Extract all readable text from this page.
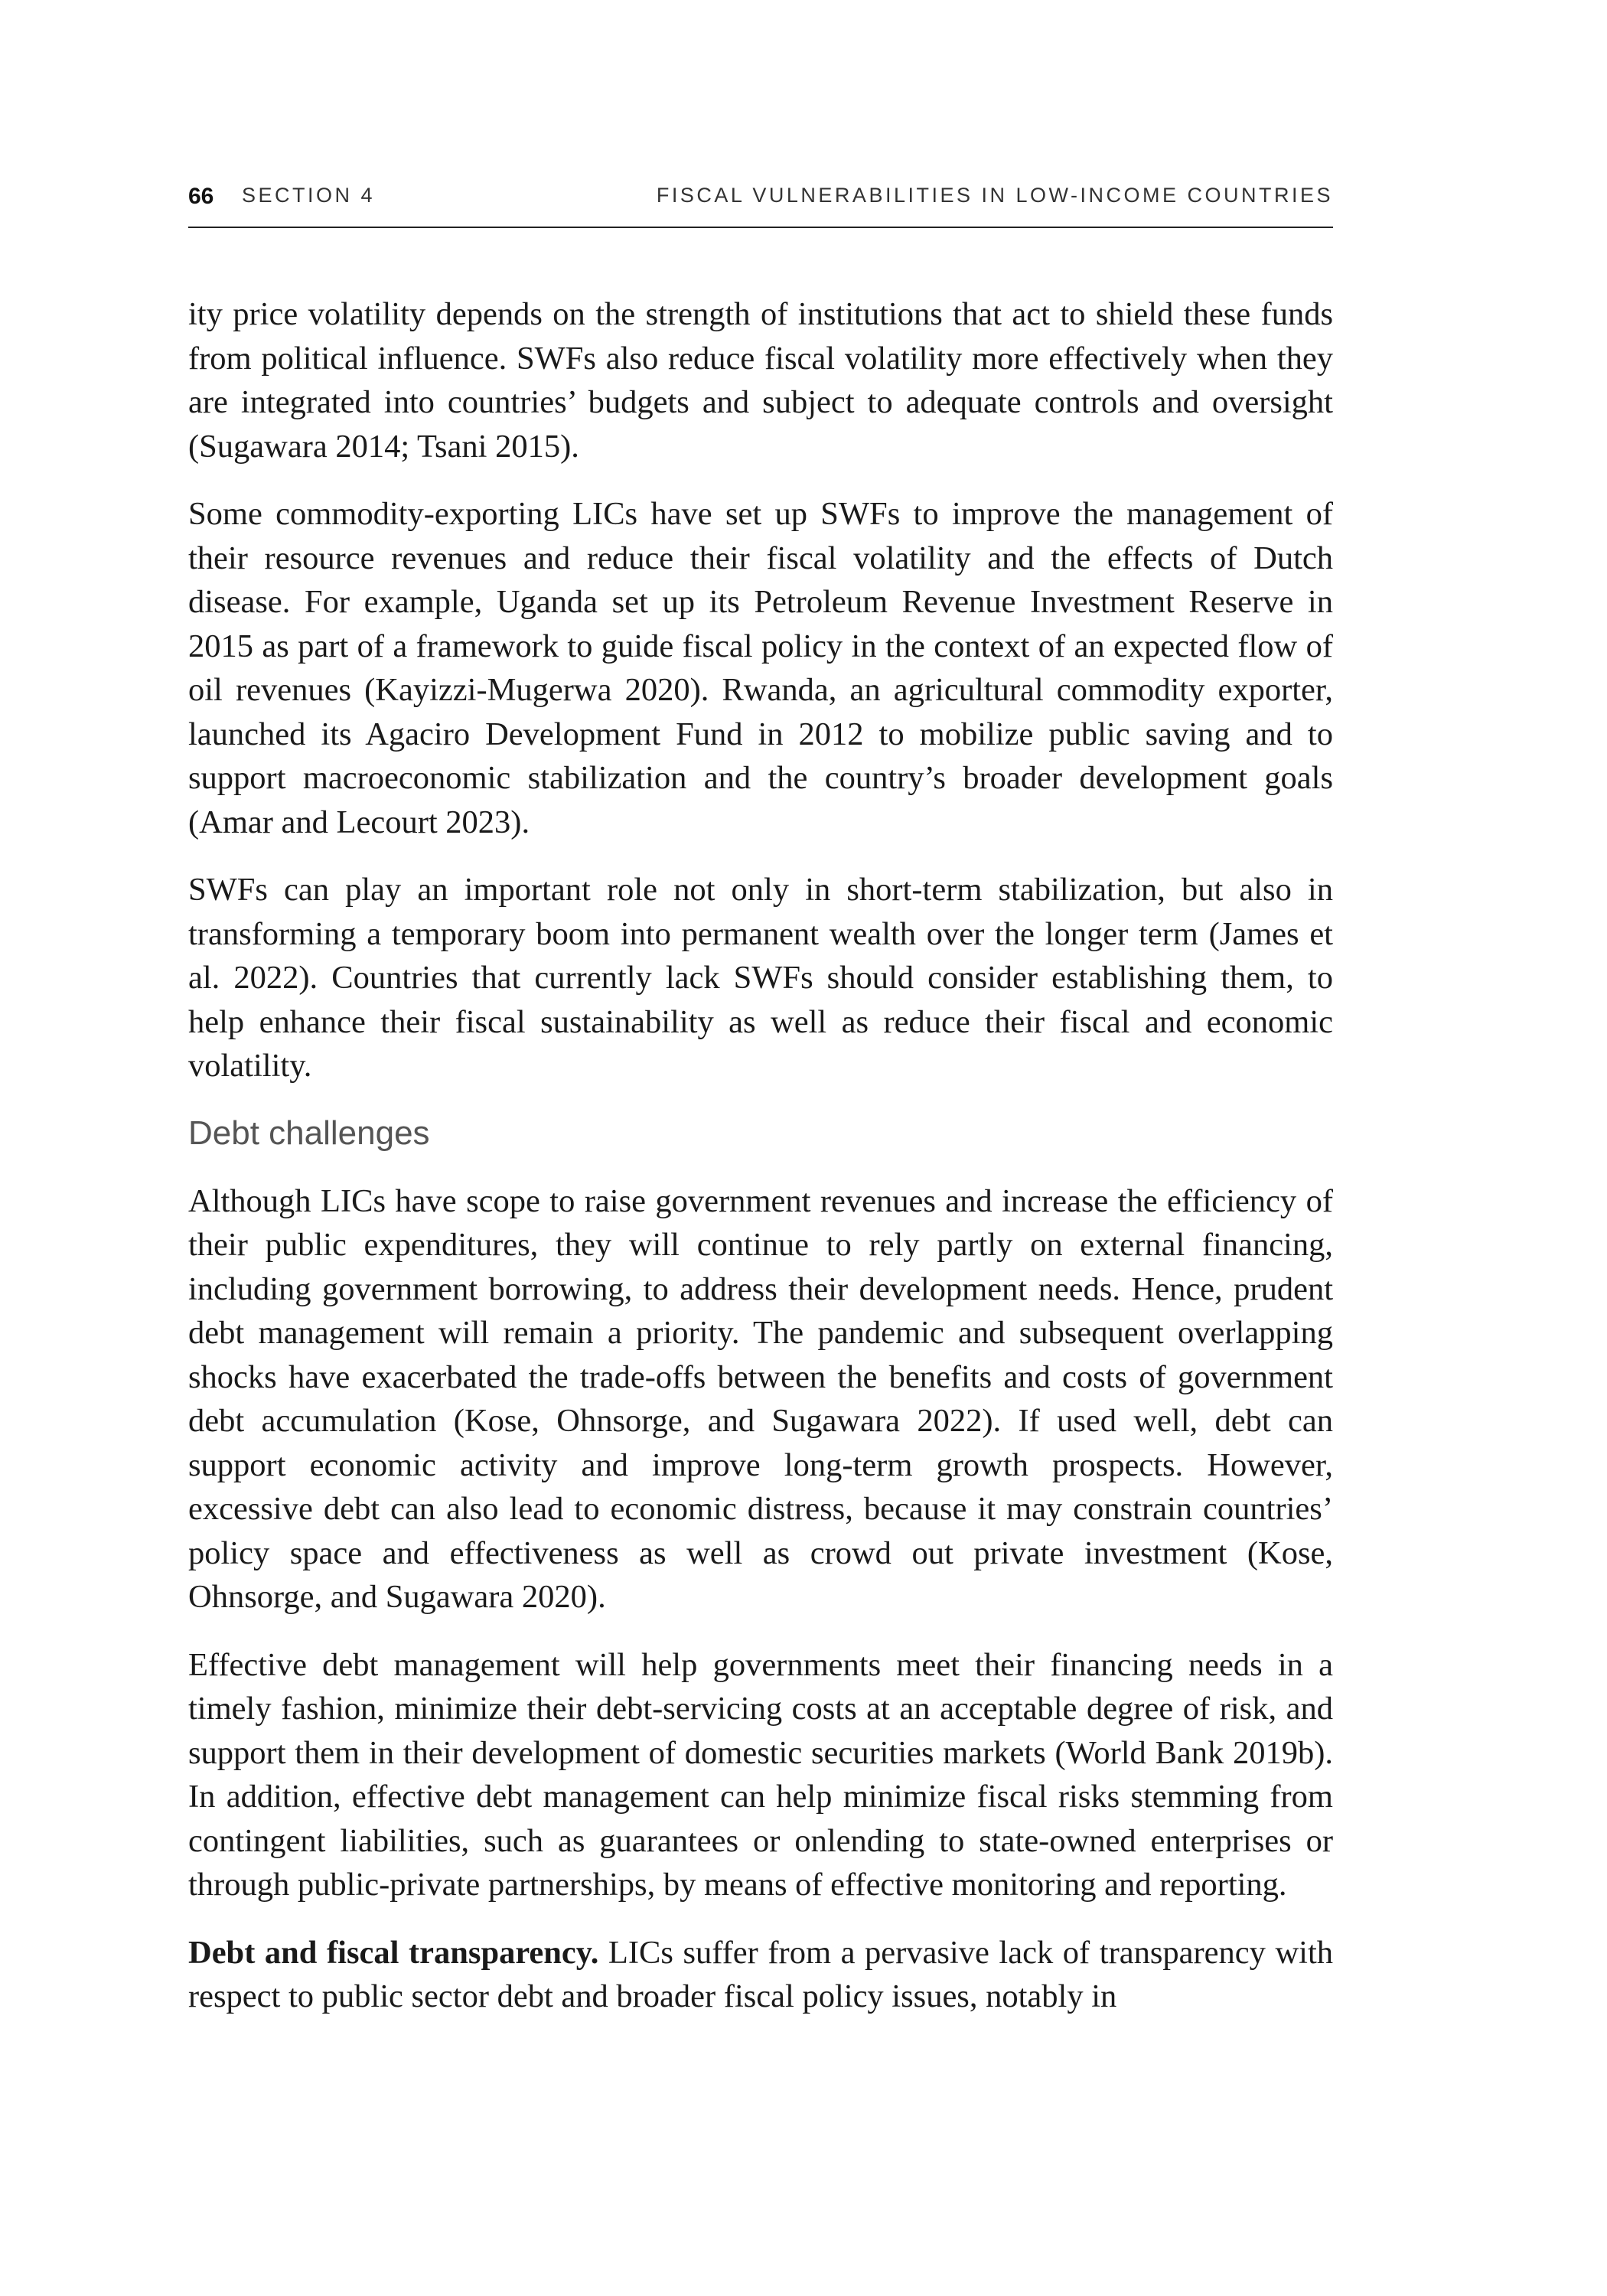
66 SECTION 4	FISCAL VULNERABILITIES IN LOW-INCOME COUNTRIES

ity price volatility depends on the strength of institutions that act to shield these funds from political influence. SWFs also reduce fiscal volatility more effectively when they are integrated into countries’ budgets and subject to adequate controls and oversight (Sugawara 2014; Tsani 2015).

Some commodity-exporting LICs have set up SWFs to improve the management of their resource revenues and reduce their fiscal volatility and the effects of Dutch disease. For example, Uganda set up its Petroleum Revenue Investment Reserve in 2015 as part of a framework to guide fiscal policy in the context of an expected flow of oil revenues (Kayizzi-Mugerwa 2020). Rwanda, an agricultural commodity exporter, launched its Agaciro Development Fund in 2012 to mobilize public saving and to support macroeconomic stabilization and the country’s broader development goals (Amar and Lecourt 2023).

SWFs can play an important role not only in short-term stabilization, but also in transforming a temporary boom into permanent wealth over the longer term (James et al. 2022). Countries that currently lack SWFs should consider establishing them, to help enhance their fiscal sustainability as well as reduce their fiscal and economic volatility.

Debt challenges

Although LICs have scope to raise government revenues and increase the efficiency of their public expenditures, they will continue to rely partly on external financing, including government borrowing, to address their development needs. Hence, prudent debt management will remain a priority. The pandemic and subsequent overlapping shocks have exacerbated the trade-offs between the benefits and costs of government debt accumulation (Kose, Ohnsorge, and Sugawara 2022). If used well, debt can support economic activity and improve long-term growth prospects. However, excessive debt can also lead to economic distress, because it may constrain countries’ policy space and effectiveness as well as crowd out private investment (Kose, Ohnsorge, and Sugawara 2020).

Effective debt management will help governments meet their financing needs in a timely fashion, minimize their debt-servicing costs at an acceptable degree of risk, and support them in their development of domestic securities markets (World Bank 2019b). In addition, effective debt management can help minimize fiscal risks stemming from contingent liabilities, such as guarantees or onlending to state-owned enterprises or through public-private partnerships, by means of effective monitoring and reporting.

Debt and fiscal transparency. LICs suffer from a pervasive lack of transparency with respect to public sector debt and broader fiscal policy issues, notably in
